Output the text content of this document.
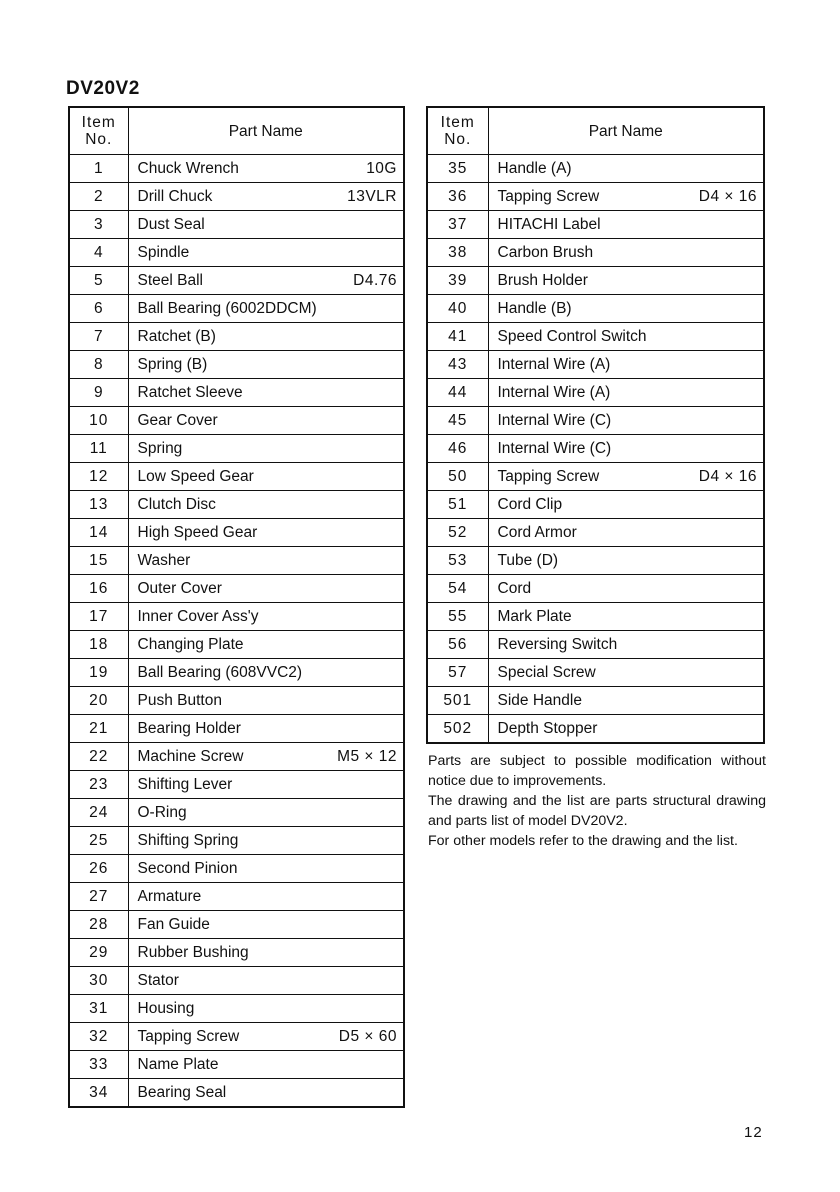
DV20V2
Item
No.	Part Name
1	Chuck Wrench 10G

2	Drill Chuck 13VLR

3	Dust Seal

4	Spindle

5	Steel Ball D4.76

6	Ball Bearing (6002DDCM)

7	Ratchet (B)

8	Spring (B)

9	Ratchet Sleeve

10	Gear Cover

11	Spring

12	Low Speed Gear

13	Clutch Disc

14	High Speed Gear

15	Washer

16	Outer Cover

17	Inner Cover Ass'y

18	Changing Plate

19	Ball Bearing (608VVC2)

20	Push Button

21	Bearing Holder

22	Machine Screw M5 × 12

23	Shifting Lever

24	O-Ring

25	Shifting Spring

26	Second Pinion

27	Armature

28	Fan Guide

29	Rubber Bushing

30	Stator

31	Housing

32	Tapping Screw D5 × 60

33	Name Plate

34	Bearing Seal
Item
No.	Part Name
35	Handle (A)

36	Tapping Screw D4 × 16

37	HITACHI Label

38	Carbon Brush

39	Brush Holder

40	Handle (B)

41	Speed Control Switch

43	Internal Wire (A)

44	Internal Wire (A)

45	Internal Wire (C)

46	Internal Wire (C)

50	Tapping Screw D4 × 16

51	Cord Clip

52	Cord Armor

53	Tube (D)

54	Cord

55	Mark Plate

56	Reversing Switch

57	Special Screw

501	Side Handle

502	Depth Stopper

Parts are subject to possible modification without notice due to improvements.

The drawing and the list are parts structural drawing and parts list of model DV20V2.

For other models refer to the drawing and the list.

12
